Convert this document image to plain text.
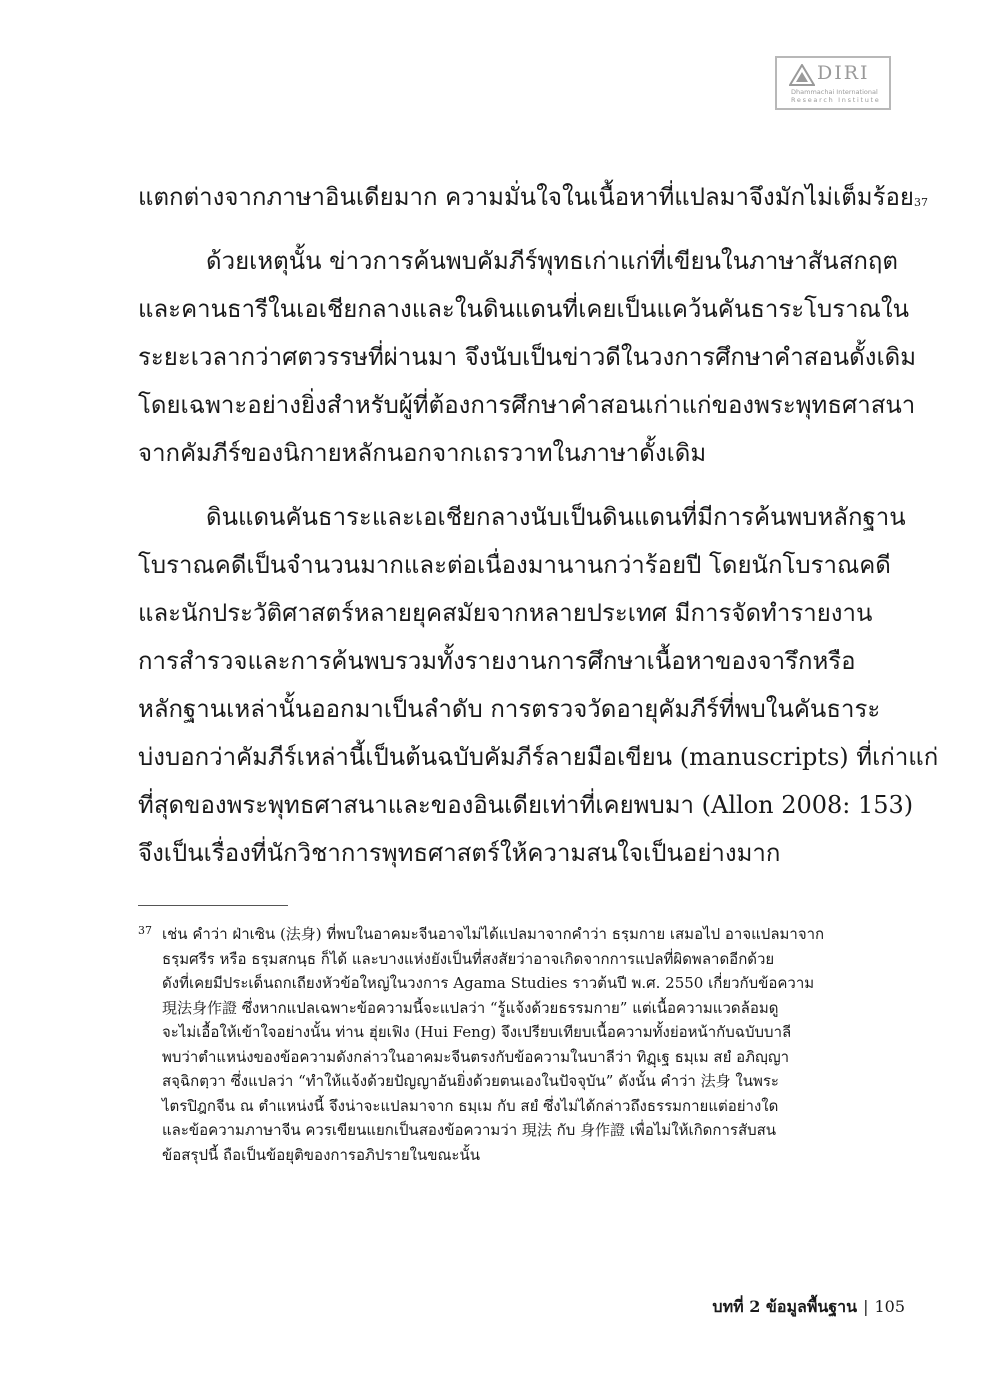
DIRI
Dhammachai International
Research Institute
แตกต่างจากภาษาอินเดียมาก ความมั่นใจในเนื้อหาที่แปลมาจึงมักไม่เต็มร้อย$^{37}$
ด้วยเหตุนั้น ข่าวการค้นพบคัมภีร์พุทธเก่าแก่ที่เขียนในภาษาสันสกฤต
และคานธารีในเอเชียกลางและในดินแดนที่เคยเป็นแคว้นคันธาระโบราณใน
ระยะเวลากว่าศตวรรษที่ผ่านมา จึงนับเป็นข่าวดีในวงการศึกษาคำสอนดั้งเดิม
โดยเฉพาะอย่างยิ่งสำหรับผู้ที่ต้องการศึกษาคำสอนเก่าแก่ของพระพุทธศาสนา
จากคัมภีร์ของนิกายหลักนอกจากเถรวาทในภาษาดั้งเดิม
ดินแดนคันธาระและเอเชียกลางนับเป็นดินแดนที่มีการค้นพบหลักฐาน
โบราณคดีเป็นจำนวนมากและต่อเนื่องมานานกว่าร้อยปี โดยนักโบราณคดี
และนักประวัติศาสตร์หลายยุคสมัยจากหลายประเทศ มีการจัดทำรายงาน
การสำรวจและการค้นพบรวมทั้งรายงานการศึกษาเนื้อหาของจารึกหรือ
หลักฐานเหล่านั้นออกมาเป็นลำดับ การตรวจวัดอายุคัมภีร์ที่พบในคันธาระ
บ่งบอกว่าคัมภีร์เหล่านี้เป็นต้นฉบับคัมภีร์ลายมือเขียน (manuscripts) ที่เก่าแก่
ที่สุดของพระพุทธศาสนาและของอินเดียเท่าที่เคยพบมา (Allon 2008: 153)
จึงเป็นเรื่องที่นักวิชาการพุทธศาสตร์ให้ความสนใจเป็นอย่างมาก
37 เช่น คำว่า ฝ่าเซิน (法身) ที่พบในอาคมะจีนอาจไม่ได้แปลมาจากคำว่า ธรฺมกาย เสมอไป อาจแปลมาจาก
ธรฺมศรีร หรือ ธรฺมสกนฺธ ก็ได้ และบางแห่งยังเป็นที่สงสัยว่าอาจเกิดจากการแปลที่ผิดพลาดอีกด้วย
ดังที่เคยมีประเด็นถกเถียงหัวข้อใหญ่ในวงการ Agama Studies ราวต้นปี พ.ศ. 2550 เกี่ยวกับข้อความ
現法身作證 ซึ่งหากแปลเฉพาะข้อความนี้จะแปลว่า “รู้แจ้งด้วยธรรมกาย” แต่เนื้อความแวดล้อมดู
จะไม่เอื้อให้เข้าใจอย่างนั้น ท่าน ฮุ่ยเฟิง (Hui Feng) จึงเปรียบเทียบเนื้อความทั้งย่อหน้ากับฉบับบาลี
พบว่าตำแหน่งของข้อความดังกล่าวในอาคมะจีนตรงกับข้อความในบาลีว่า ทิฏฺเฐ ธมฺเม สยํ อภิญฺญา
สจฺฉิกตฺวา ซึ่งแปลว่า “ทำให้แจ้งด้วยปัญญาอันยิ่งด้วยตนเองในปัจจุบัน” ดังนั้น คำว่า 法身 ในพระ
ไตรปิฎกจีน ณ ตำแหน่งนี้ จึงน่าจะแปลมาจาก ธมฺเม กับ สยํ ซึ่งไม่ได้กล่าวถึงธรรมกายแต่อย่างใด
และข้อความภาษาจีน ควรเขียนแยกเป็นสองข้อความว่า 現法 กับ 身作證 เพื่อไม่ให้เกิดการสับสน
ข้อสรุปนี้ ถือเป็นข้อยุติของการอภิปรายในขณะนั้น
บทที่ 2 ข้อมูลพื้นฐาน | 105
